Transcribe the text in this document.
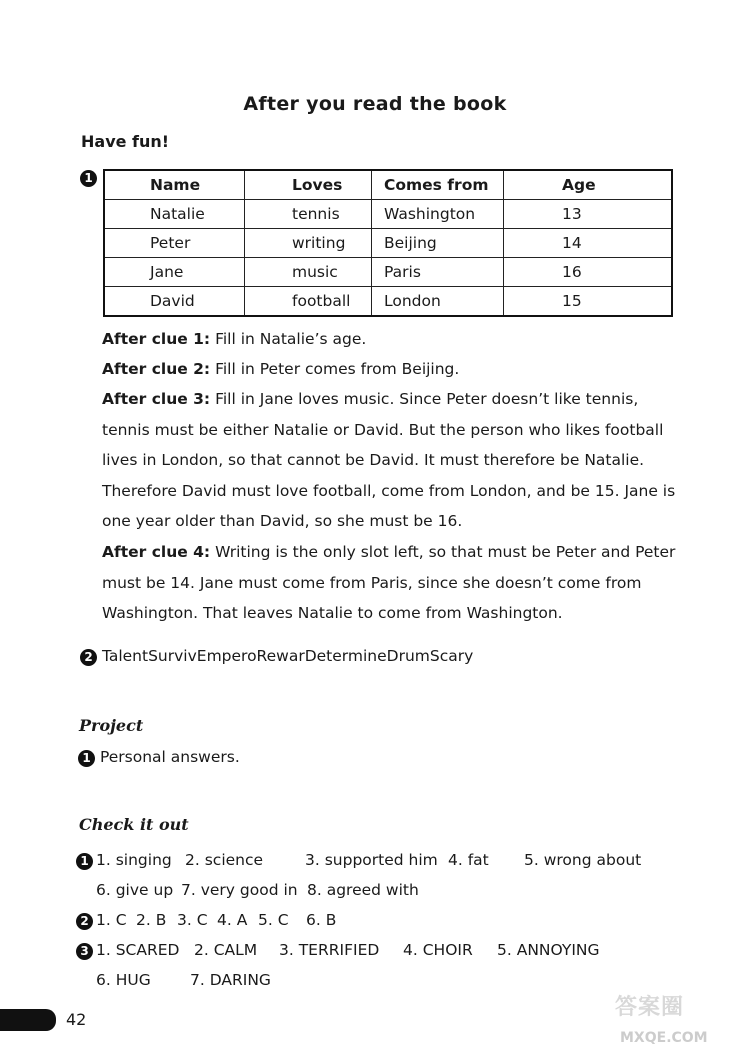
After you read the book
Have fun!
1	Name	Loves	Comes from	Age
Natalie	tennis	Washington	13
Peter	writing	Beijing	14
Jane	music	Paris	16
David	football	London	15
After clue 1: Fill in Natalie’s age.
After clue 2: Fill in Peter comes from Beijing.
After clue 3: Fill in Jane loves music. Since Peter doesn’t like tennis, tennis must be either Natalie or David. But the person who likes football lives in London, so that cannot be David. It must therefore be Natalie. Therefore David must love football, come from London, and be 15. Jane is one year older than David, so she must be 16.
After clue 4: Writing is the only slot left, so that must be Peter and Peter must be 14. Jane must come from Paris, since she doesn’t come from Washington. That leaves Natalie to come from Washington.
2 TalentSurvivEmperoRewarDetermineDrumScary
Project
1 Personal answers.
Check it out
1 1. singing 2. science	3. supported him 4. fat 5. wrong about
6. give up 7. very good in 8. agreed with
2 1. C 2. B 3. C 4. A 5. C 6. B
3 1. SCARED 2. CALM 3. TERRIFIED 4. CHOIR 5. ANNOYING
6. HUG	7. DARING
42	答案圈
MXQE.COM
